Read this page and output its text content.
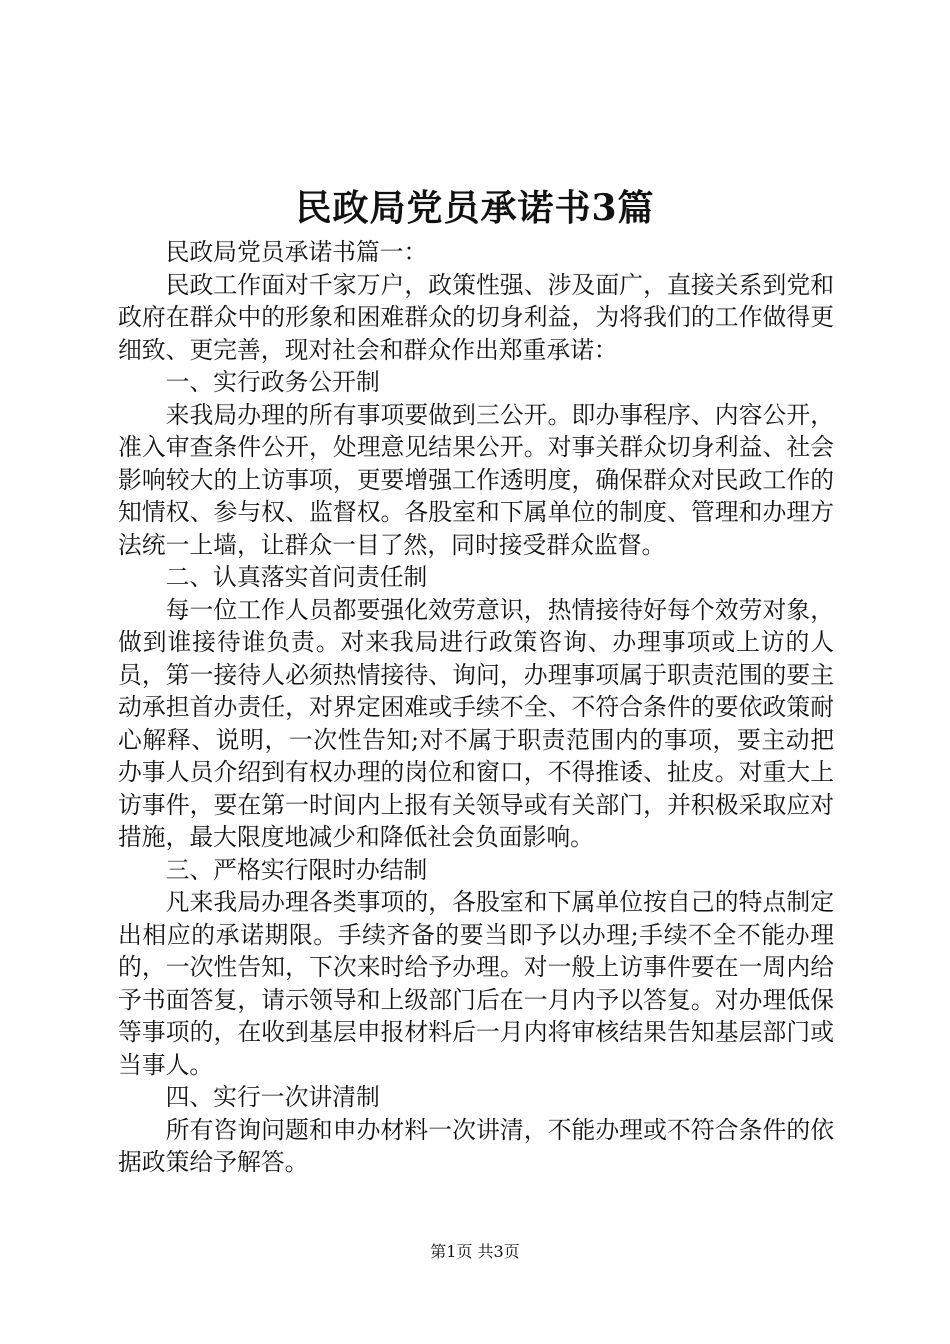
民政局党员承诺书3篇

民政局党员承诺书篇一：

民政工作面对千家万户，政策性强、涉及面广，直接关系到党和政府在群众中的形象和困难群众的切身利益，为将我们的工作做得更细致、更完善，现对社会和群众作出郑重承诺：

一、实行政务公开制

来我局办理的所有事项要做到三公开。即办事程序、内容公开，准入审查条件公开，处理意见结果公开。对事关群众切身利益、社会影响较大的上访事项，更要增强工作透明度，确保群众对民政工作的知情权、参与权、监督权。各股室和下属单位的制度、管理和办理方法统一上墙，让群众一目了然，同时接受群众监督。

二、认真落实首问责任制

每一位工作人员都要强化效劳意识，热情接待好每个效劳对象，做到谁接待谁负责。对来我局进行政策咨询、办理事项或上访的人员，第一接待人必须热情接待、询问，办理事项属于职责范围的要主动承担首办责任，对界定困难或手续不全、不符合条件的要依政策耐心解释、说明，一次性告知;对不属于职责范围内的事项，要主动把办事人员介绍到有权办理的岗位和窗口，不得推诿、扯皮。对重大上访事件，要在第一时间内上报有关领导或有关部门，并积极采取应对措施，最大限度地减少和降低社会负面影响。

三、严格实行限时办结制

凡来我局办理各类事项的，各股室和下属单位按自己的特点制定出相应的承诺期限。手续齐备的要当即予以办理;手续不全不能办理的，一次性告知，下次来时给予办理。对一般上访事件要在一周内给予书面答复，请示领导和上级部门后在一月内予以答复。对办理低保等事项的，在收到基层申报材料后一月内将审核结果告知基层部门或当事人。

四、实行一次讲清制

所有咨询问题和申办材料一次讲清，不能办理或不符合条件的依据政策给予解答。

第1页 共3页
